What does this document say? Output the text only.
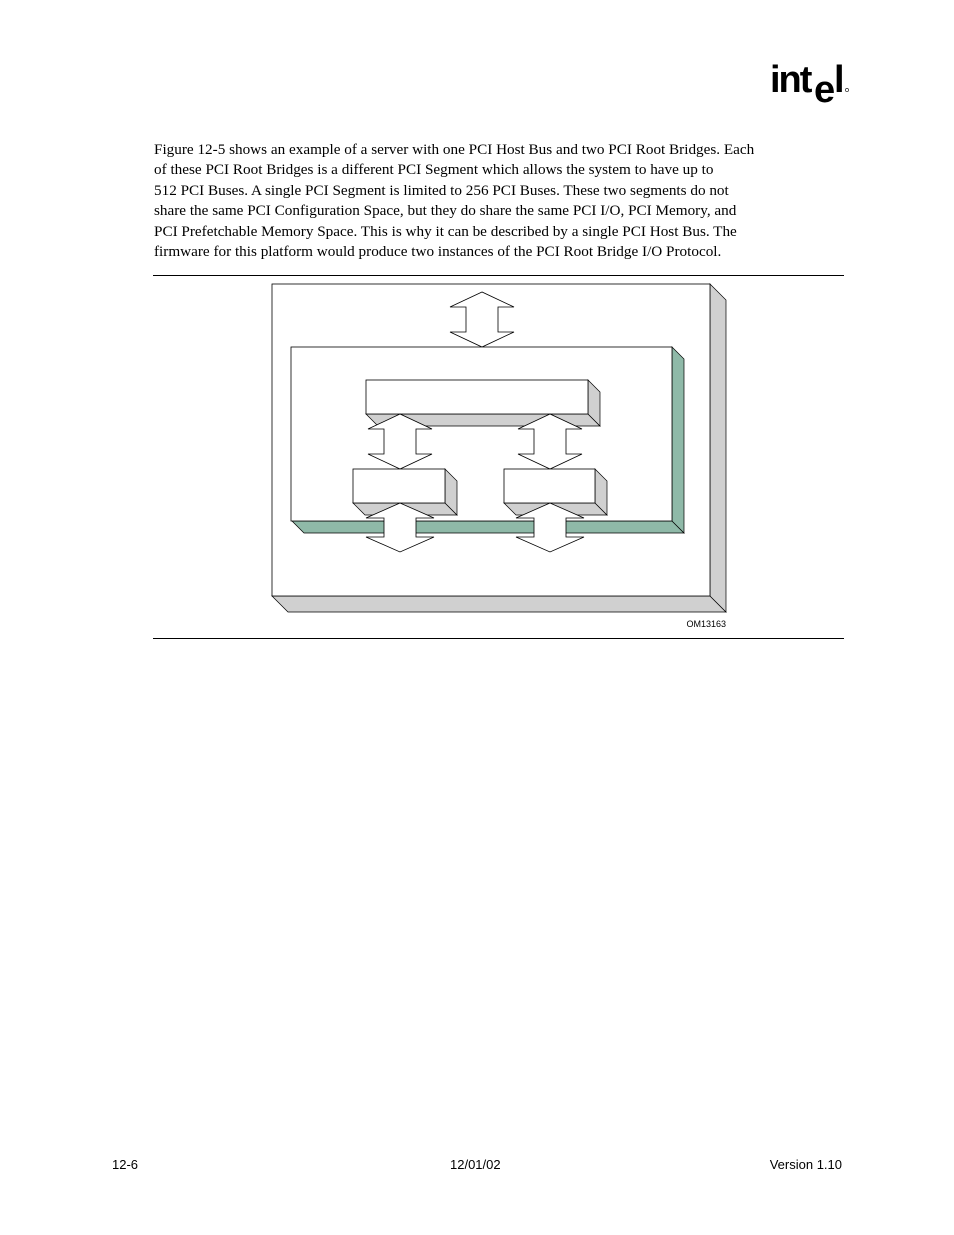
int e
l
Figure 12-5 shows an example of a server with one PCI Host Bus and two PCI Root Bridges. Each
of these PCI Root Bridges is a different PCI Segment which allows the system to have up to
512 PCI Buses. A single PCI Segment is limited to 256 PCI Buses. These two segments do not
share the same PCI Configuration Space, but they do share the same PCI I/O, PCI Memory, and
PCI Prefetchable Memory Space. This is why it can be described by a single PCI Host Bus. The
firmware for this platform would produce two instances of the PCI Root Bridge I/O Protocol.
OM13163
12-6	12/01/02	Version 1.10
